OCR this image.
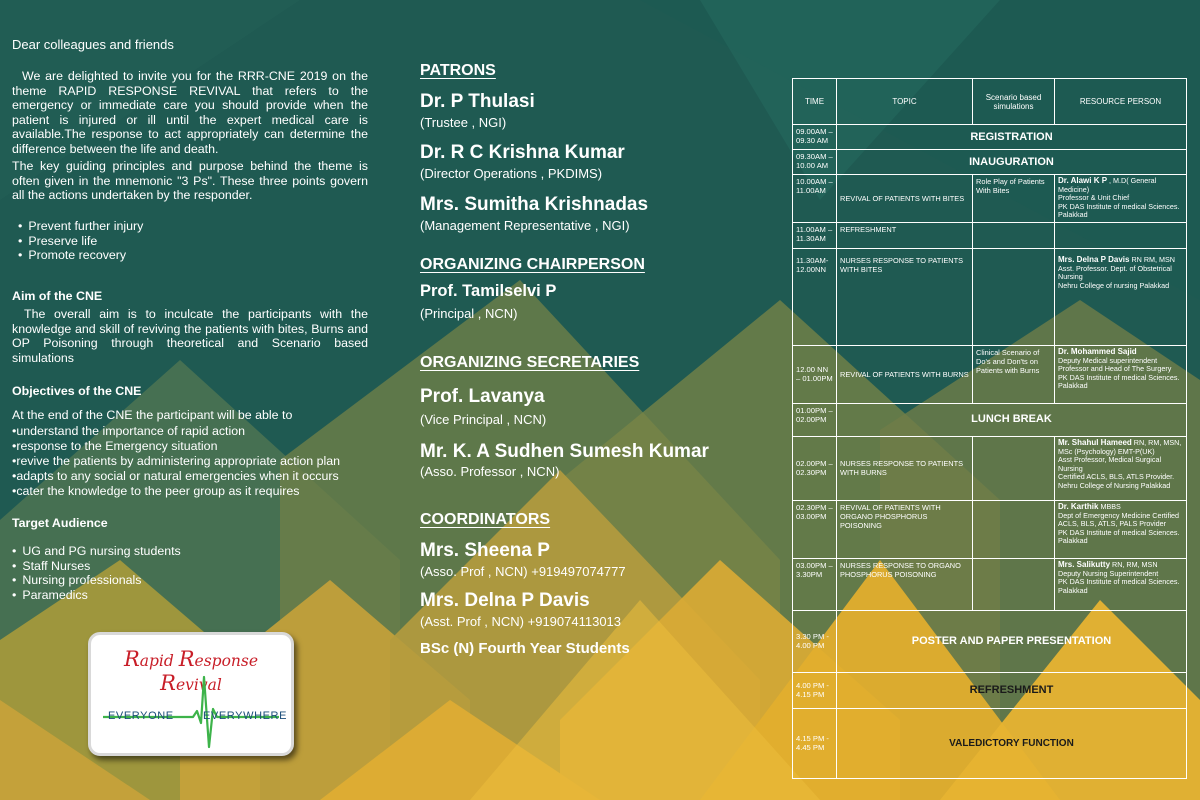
Dear colleagues and friends

We are delighted to invite you for the RRR-CNE 2019 on the theme RAPID RESPONSE REVIVAL that refers to the emergency or immediate care you should provide when the patient is injured or ill until the expert medical care is available.The response to act appropriately can determine the difference between the life and death.

The key guiding principles and purpose behind the theme is often given in the mnemonic "3 Ps". These three points govern all the actions undertaken by the responder.

• Prevent further injury
• Preserve life
• Promote recovery
Aim of the CNE

The overall aim is to inculcate the participants with the knowledge and skill of reviving the patients with bites, Burns and OP Poisoning through theoretical and Scenario based simulations

Objectives of the CNE
At the end of the CNE the participant will be able to
• understand the importance of rapid action
• response to the Emergency situation
• revive the patients by administering appropriate action plan
• adapts to any social or natural emergencies when it occurs
• cater the knowledge to the peer group as it requires
Target Audience
• UG and PG nursing students
• Staff Nurses
• Nursing professionals
• Paramedics
Rapid Response Revival
EVERYONE	EVERYWHERE
PATRONS
Dr. P Thulasi
(Trustee , NGI)
Dr. R C Krishna Kumar
(Director Operations , PKDIMS)
Mrs. Sumitha Krishnadas
(Management Representative , NGI)
ORGANIZING CHAIRPERSON
Prof. Tamilselvi P
(Principal , NCN)
ORGANIZING SECRETARIES
Prof. Lavanya
(Vice Principal , NCN)
Mr. K. A Sudhen Sumesh Kumar
(Asso. Professor , NCN)
COORDINATORS
Mrs. Sheena P
(Asso. Prof , NCN) +919497074777
Mrs. Delna P Davis
(Asst. Prof , NCN) +919074113013
BSc (N) Fourth Year Students
TIME	TOPIC	Scenario based simulations	RESOURCE PERSON
09.00AM – 09.30 AM	REGISTRATION		
09.30AM – 10.00 AM	INAUGURATION		
10.00AM – 11.00AM	REVIVAL OF PATIENTS WITH BITES	Role Play of Patients With Bites	Dr. Alawi K P , M.D( General Medicine)
Professor & Unit Chief
PK DAS Institute of medical Sciences. Palakkad
11.00AM – 11.30AM	REFRESHMENT		
11.30AM- 12.00NN	NURSES RESPONSE TO PATIENTS WITH BITES		Mrs. Delna P Davis RN RM, MSN
Asst. Professor. Dept. of Obstetrical Nursing
Nehru College of nursing Palakkad
12.00 NN – 01.00PM	REVIVAL OF PATIENTS WITH BURNS	Clinical Scenario of Do's and Don'ts on Patients with Burns	Dr. Mohammed Sajid
Deputy Medical superintendent
Professor and Head of The Surgery
PK DAS Institute of medical Sciences. Palakkad
01.00PM – 02.00PM	LUNCH BREAK		
02.00PM – 02.30PM	NURSES RESPONSE TO PATIENTS WITH BURNS		Mr. Shahul Hameed RN, RM, MSN, MSc (Psychology) EMT-P(UK)
Asst Professor, Medical Surgical Nursing
Certified ACLS, BLS, ATLS Provider.
Nehru College of Nursing Palakkad
02.30PM – 03.00PM	REVIVAL OF PATIENTS WITH ORGANO PHOSPHORUS POISONING		Dr. Karthik MBBS
Dept of Emergency Medicine Certified
ACLS, BLS, ATLS, PALS Provider
PK DAS Institute of medical Sciences. Palakkad
03.00PM – 3.30PM	NURSES RESPONSE TO ORGANO PHOSPHORUS POISONING		Mrs. Salikutty RN, RM, MSN
Deputy Nursing Superintendent
PK DAS Institute of medical Sciences. Palakkad
3.30 PM - 4.00 PM	POSTER AND PAPER PRESENTATION		
4.00 PM - 4.15 PM	REFRESHMENT		
4.15 PM - 4.45 PM	VALEDICTORY FUNCTION		
